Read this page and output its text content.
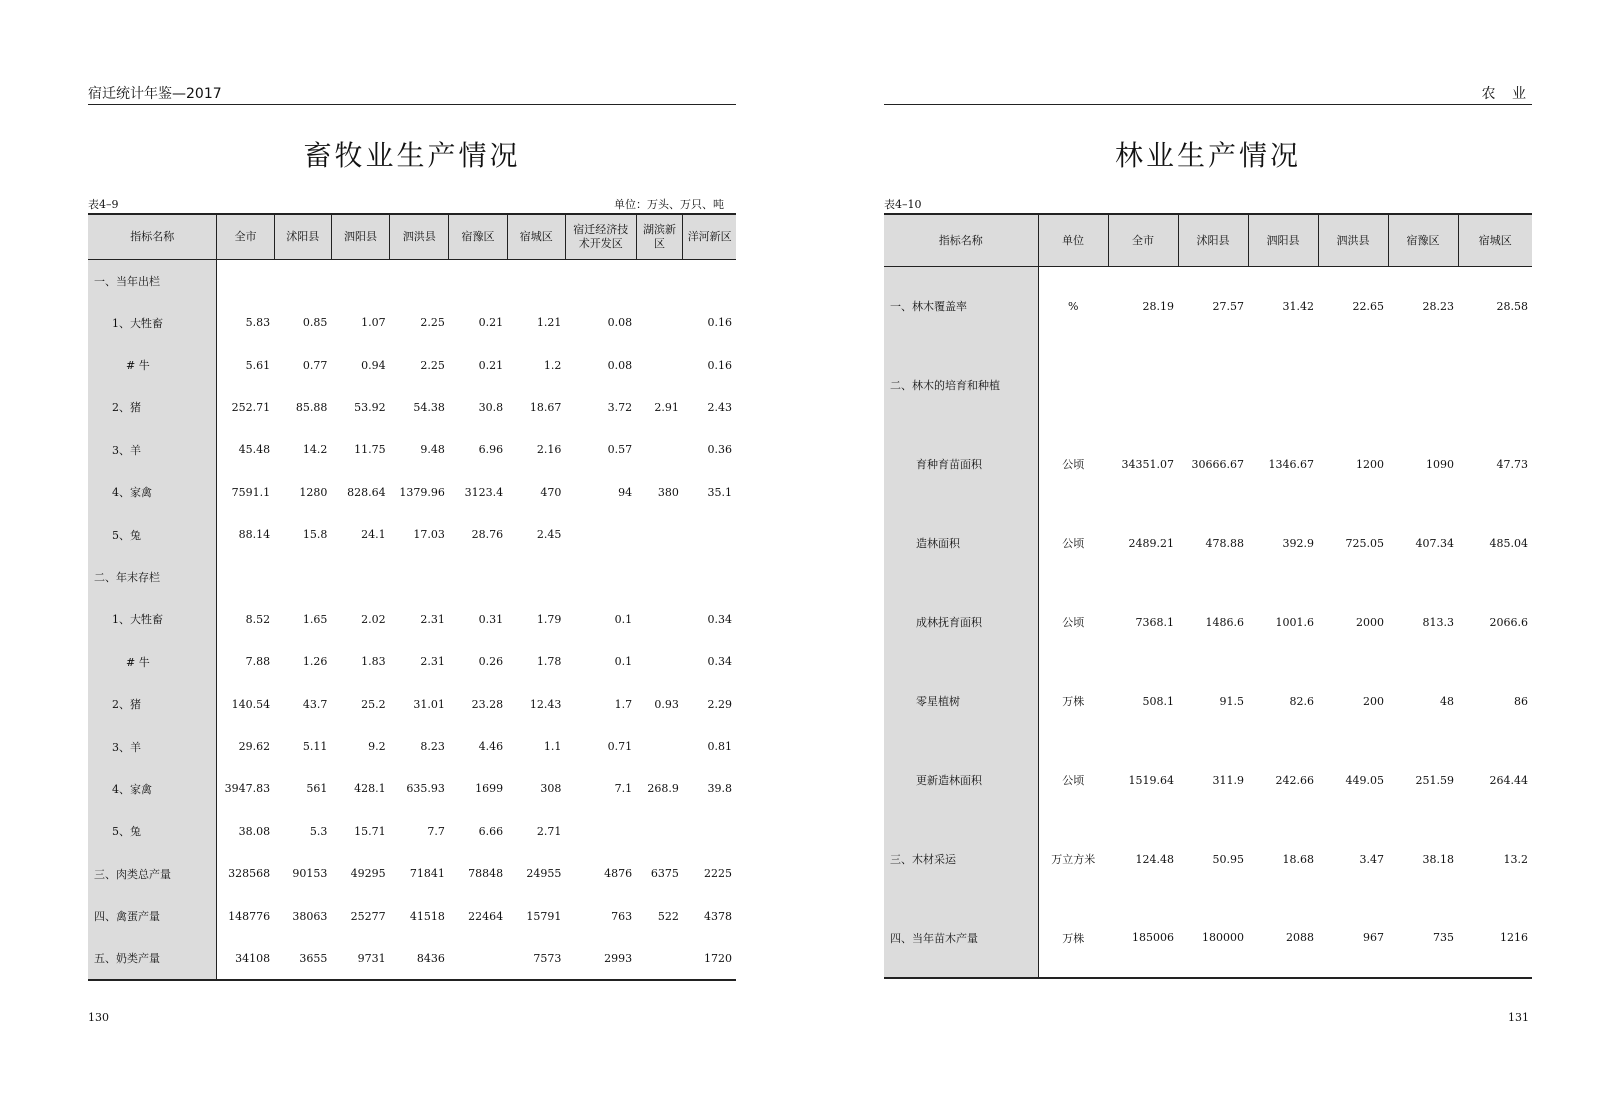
宿迁统计年鉴—2017
畜牧业生产情况
表4–9	单位：万头、万只、吨
指标名称	全市	沭阳县	泗阳县	泗洪县	宿豫区	宿城区	宿迁经济技术开发区	湖滨新区	洋河新区
一、当年出栏									
1、大牲畜	5.83	0.85	1.07	2.25	0.21	1.21	0.08		0.16
# 牛	5.61	0.77	0.94	2.25	0.21	1.2	0.08		0.16
2、猪	252.71	85.88	53.92	54.38	30.8	18.67	3.72	2.91	2.43
3、羊	45.48	14.2	11.75	9.48	6.96	2.16	0.57		0.36
4、家禽	7591.1	1280	828.64	1379.96	3123.4	470	94	380	35.1
5、兔	88.14	15.8	24.1	17.03	28.76	2.45			
二、年末存栏									
1、大牲畜	8.52	1.65	2.02	2.31	0.31	1.79	0.1		0.34
# 牛	7.88	1.26	1.83	2.31	0.26	1.78	0.1		0.34
2、猪	140.54	43.7	25.2	31.01	23.28	12.43	1.7	0.93	2.29
3、羊	29.62	5.11	9.2	8.23	4.46	1.1	0.71		0.81
4、家禽	3947.83	561	428.1	635.93	1699	308	7.1	268.9	39.8
5、兔	38.08	5.3	15.71	7.7	6.66	2.71			
三、肉类总产量	328568	90153	49295	71841	78848	24955	4876	6375	2225
四、禽蛋产量	148776	38063	25277	41518	22464	15791	763	522	4378
五、奶类产量	34108	3655	9731	8436		7573	2993		1720
130
农 业
林业生产情况
表4–10
指标名称	单位	全市	沭阳县	泗阳县	泗洪县	宿豫区	宿城区
一、林木覆盖率	%	28.19	27.57	31.42	22.65	28.23	28.58
二、林木的培育和种植							
育种育苗面积	公顷	34351.07	30666.67	1346.67	1200	1090	47.73
造林面积	公顷	2489.21	478.88	392.9	725.05	407.34	485.04
成林抚育面积	公顷	7368.1	1486.6	1001.6	2000	813.3	2066.6
零星植树	万株	508.1	91.5	82.6	200	48	86
更新造林面积	公顷	1519.64	311.9	242.66	449.05	251.59	264.44
三、木材采运	万立方米	124.48	50.95	18.68	3.47	38.18	13.2
四、当年苗木产量	万株	185006	180000	2088	967	735	1216
131
